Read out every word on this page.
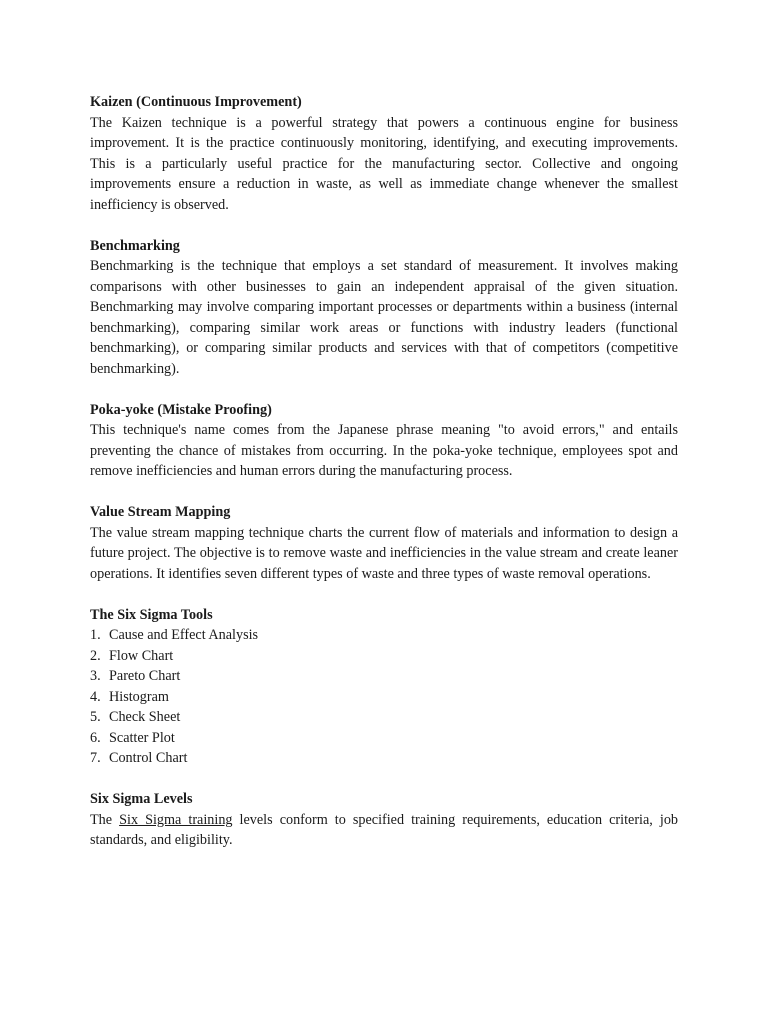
Kaizen (Continuous Improvement)

The Kaizen technique is a powerful strategy that powers a continuous engine for business improvement. It is the practice continuously monitoring, identifying, and executing improvements. This is a particularly useful practice for the manufacturing sector. Collective and ongoing improvements ensure a reduction in waste, as well as immediate change whenever the smallest inefficiency is observed.

Benchmarking

Benchmarking is the technique that employs a set standard of measurement. It involves making comparisons with other businesses to gain an independent appraisal of the given situation. Benchmarking may involve comparing important processes or departments within a business (internal benchmarking), comparing similar work areas or functions with industry leaders (functional benchmarking), or comparing similar products and services with that of competitors (competitive benchmarking).

Poka-yoke (Mistake Proofing)

This technique's name comes from the Japanese phrase meaning "to avoid errors," and entails preventing the chance of mistakes from occurring. In the poka-yoke technique, employees spot and remove inefficiencies and human errors during the manufacturing process.

Value Stream Mapping

The value stream mapping technique charts the current flow of materials and information to design a future project. The objective is to remove waste and inefficiencies in the value stream and create leaner operations. It identifies seven different types of waste and three types of waste removal operations.

The Six Sigma Tools
1. Cause and Effect Analysis
2. Flow Chart
3. Pareto Chart
4. Histogram
5. Check Sheet
6. Scatter Plot
7. Control Chart
Six Sigma Levels

The Six Sigma training levels conform to specified training requirements, education criteria, job standards, and eligibility.
